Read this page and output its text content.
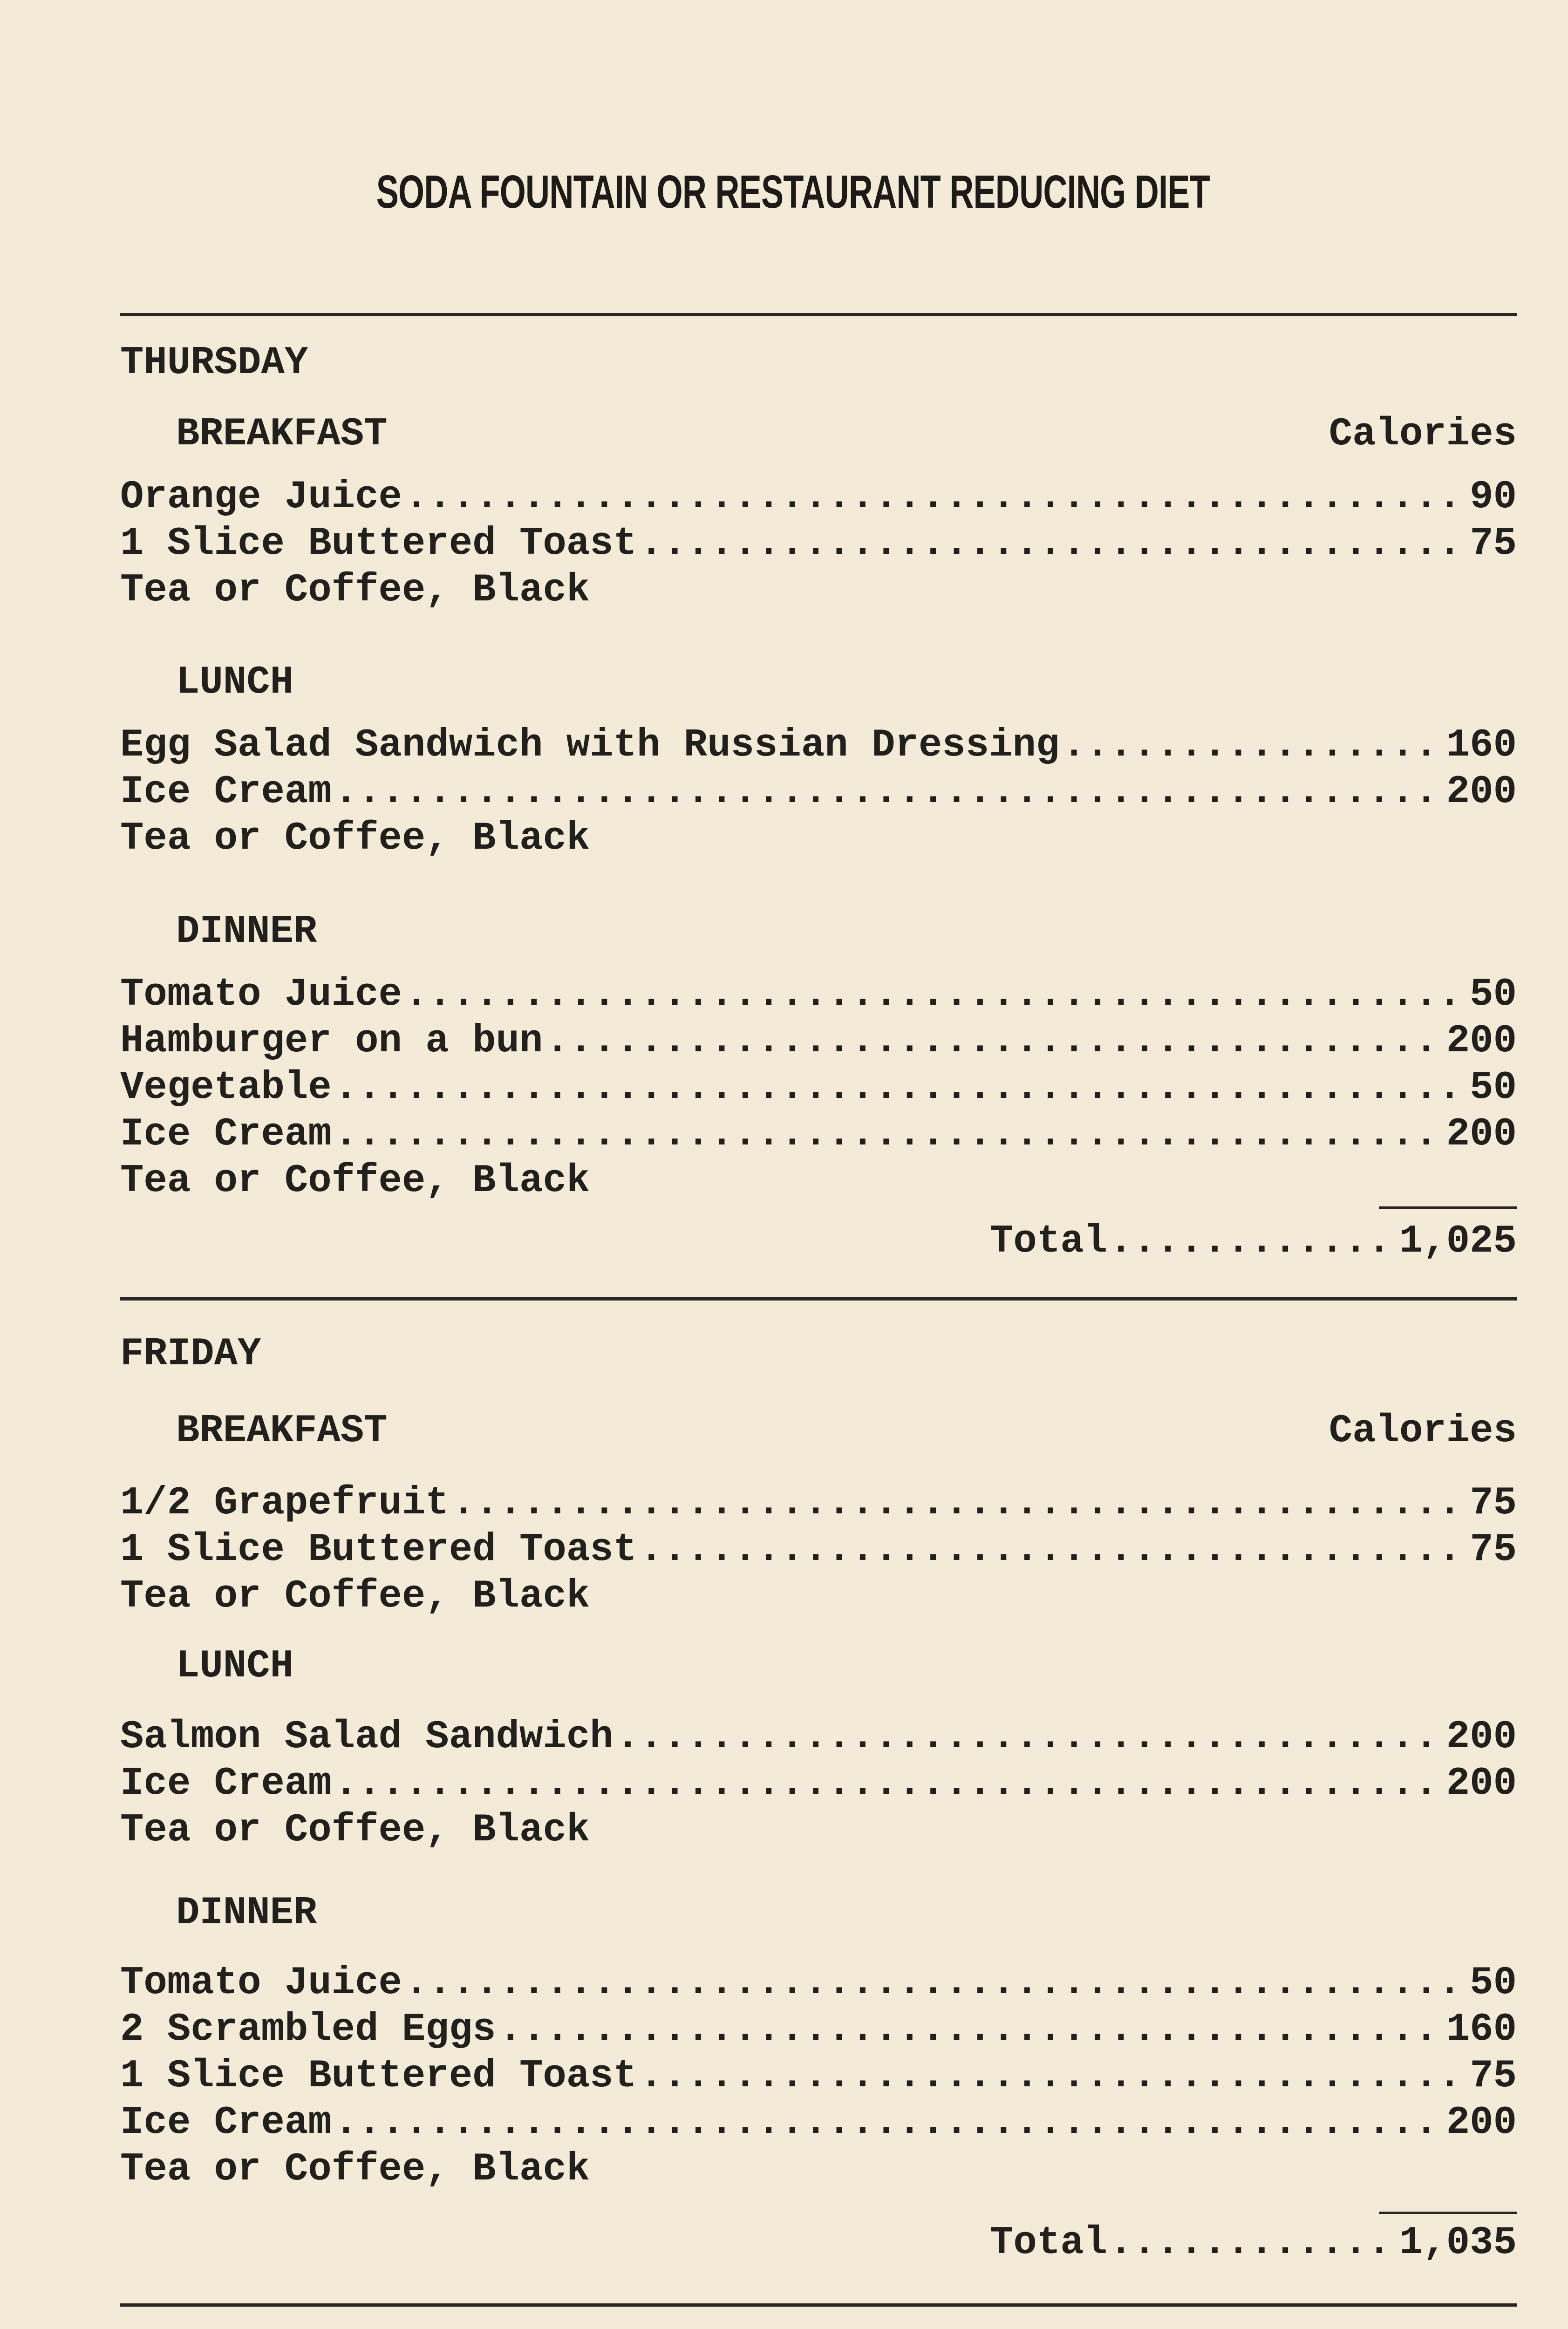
SODA FOUNTAIN OR RESTAURANT REDUCING DIET
THURSDAY
BREAKFAST	Calories
Orange Juice .....	90
1 Slice Buttered Toast .....	75
Tea or Coffee, Black
LUNCH
Egg Salad Sandwich with Russian Dressing .....	160
Ice Cream .....	200
Tea or Coffee, Black
DINNER
Tomato Juice .....	50
Hamburger on a bun .....	200
Vegetable .....	50
Ice Cream .....	200
Tea or Coffee, Black
Total .....	1,025
FRIDAY
BREAKFAST	Calories
1/2 Grapefruit .....	75
1 Slice Buttered Toast .....	75
Tea or Coffee, Black
LUNCH
Salmon Salad Sandwich .....	200
Ice Cream .....	200
Tea or Coffee, Black
DINNER
Tomato Juice .....	50
2 Scrambled Eggs .....	160
1 Slice Buttered Toast .....	75
Ice Cream .....	200
Tea or Coffee, Black
Total .....	1,035
